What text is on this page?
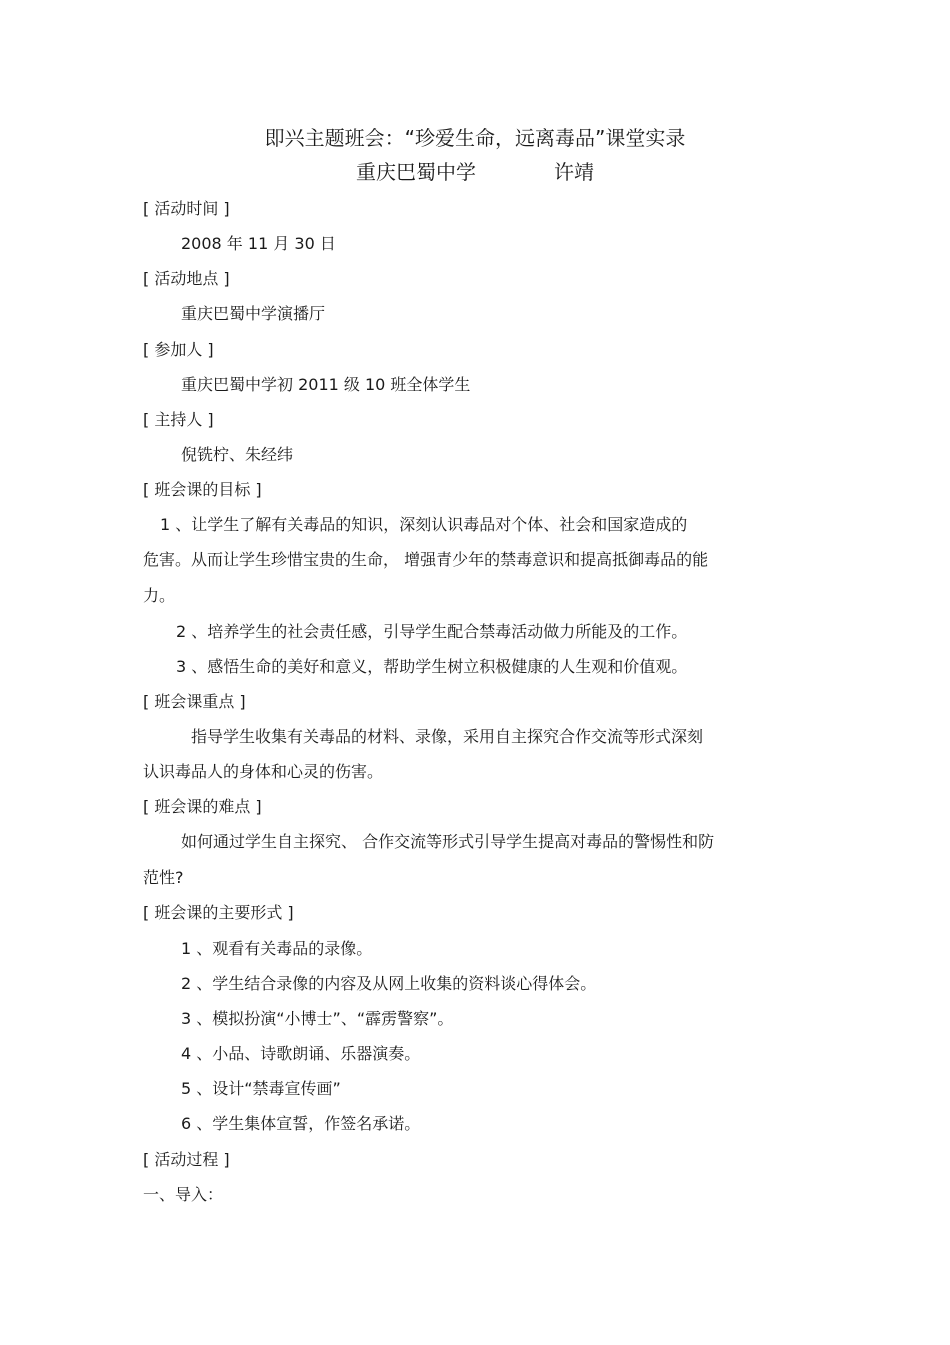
即兴主题班会：“珍爱生命，远离毒品”课堂实录
重庆巴蜀中学	许靖
[ 活动时间 ]
2008 年 11 月 30 日
[ 活动地点 ]
重庆巴蜀中学演播厅
[ 参加人 ]
重庆巴蜀中学初 2011 级 10 班全体学生
[ 主持人 ]
倪铣柠、朱经纬
[ 班会课的目标 ]
1 、让学生了解有关毒品的知识，深刻认识毒品对个体、社会和国家造成的
危害。从而让学生珍惜宝贵的生命， 增强青少年的禁毒意识和提高抵御毒品的能
力。
2 、培养学生的社会责任感，引导学生配合禁毒活动做力所能及的工作。
3 、感悟生命的美好和意义，帮助学生树立积极健康的人生观和价值观。
[ 班会课重点 ]
指导学生收集有关毒品的材料、录像，采用自主探究合作交流等形式深刻
认识毒品人的身体和心灵的伤害。
[ 班会课的难点 ]
如何通过学生自主探究、 合作交流等形式引导学生提高对毒品的警惕性和防
范性?
[ 班会课的主要形式 ]
1 、观看有关毒品的录像。
2 、学生结合录像的内容及从网上收集的资料谈心得体会。
3 、模拟扮演“小博士”、“霹雳警察”。
4 、小品、诗歌朗诵、乐器演奏。
5 、设计“禁毒宣传画”
6 、学生集体宣誓，作签名承诺。
[ 活动过程 ]
一、导入：
